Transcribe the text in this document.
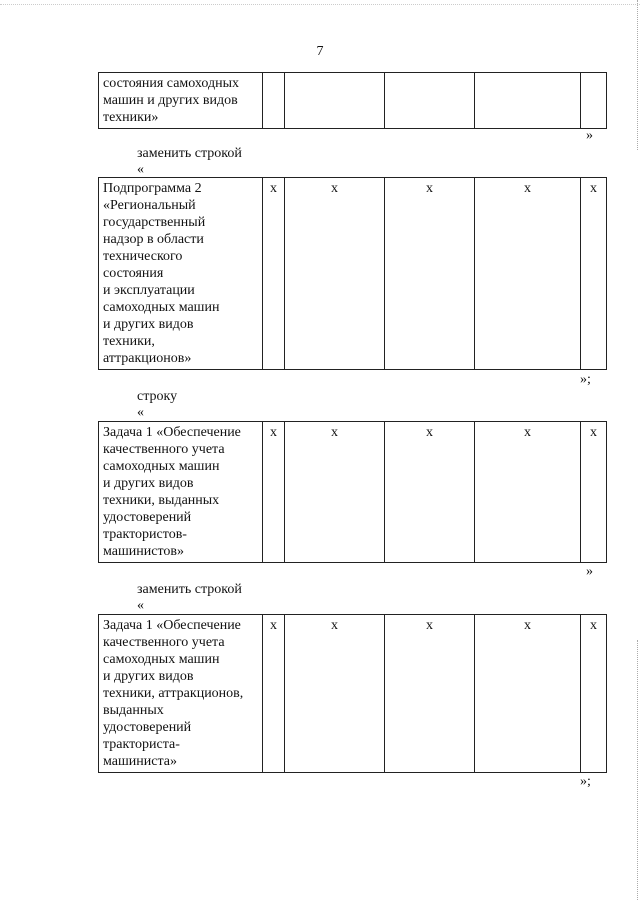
7
состояния самоходных
машин и других видов
техники»					
»
заменить строкой
«
Подпрограмма 2
«Региональный
государственный
надзор в области
технического
состояния
и эксплуатации
самоходных машин
и других видов
техники,
аттракционов»	х	х	х	х	х
»;
строку
«
Задача 1 «Обеспечение
качественного учета
самоходных машин
и других видов
техники, выданных
удостоверений
трактористов-
машинистов»	х	х	х	х	х
»
заменить строкой
«
Задача 1 «Обеспечение
качественного учета
самоходных машин
и других видов
техники, аттракционов,
выданных
удостоверений
тракториста-
машиниста»	х	х	х	х	х
»;
